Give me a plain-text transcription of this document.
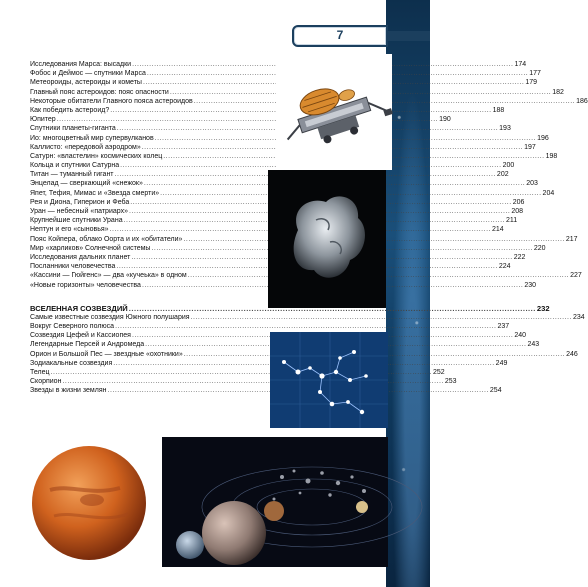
7
Исследования Марса: высадки .....	174
Фобос и Деймос — спутники Марса .....	177
Метеороиды, астероиды и кометы .....	179
Главный пояс астероидов: пояс опасности .....	182
Некоторые обитатели Главного пояса астероидов .....	186
Как победить астероид? .....	188
Юпитер .....	190
Спутники планеты-гиганта .....	193
Ио: многоцветный мир супервулканов .....	196
Каллисто: «передовой аэродром» .....	197
Сатурн: «властелин» космических колец .....	198
Кольца и спутники Сатурна .....	200
Титан — туманный гигант .....	202
Энцелад — сверкающий «снежок» .....	203
Япет, Тефия, Мимас и «Звезда смерти» .....	204
Рея и Диона, Гиперион и Феба .....	206
Уран — небесный «патриарх» .....	208
Крупнейшие спутники Урана .....	211
Нептун и его «сыновья» .....	214
Пояс Койпера, облако Оорта и их «обитатели» .....	217
Мир «харликов» Солнечной системы .....	220
Исследования дальних планет .....	222
Посланники человечества .....	224
«Кассини — Гюйгенс» — два «кучеька» в одном .....	227
«Новые горизонты» человечества .....	230
ВСЕЛЕННАЯ СОЗВЕЗДИЙ .....	232
Самые известные созвездия Южного полушария .....	234
Вокруг Северного полюса .....	237
Созвездия Цефей и Кассиопея .....	240
Легендарные Персей и Андромеда .....	243
Орион и Большой Пес — звездные «охотники» .....	246
Зодиакальные созвездия .....	249
Телец .....	252
Скорпион .....	253
Звезды в жизни землян .....	254
